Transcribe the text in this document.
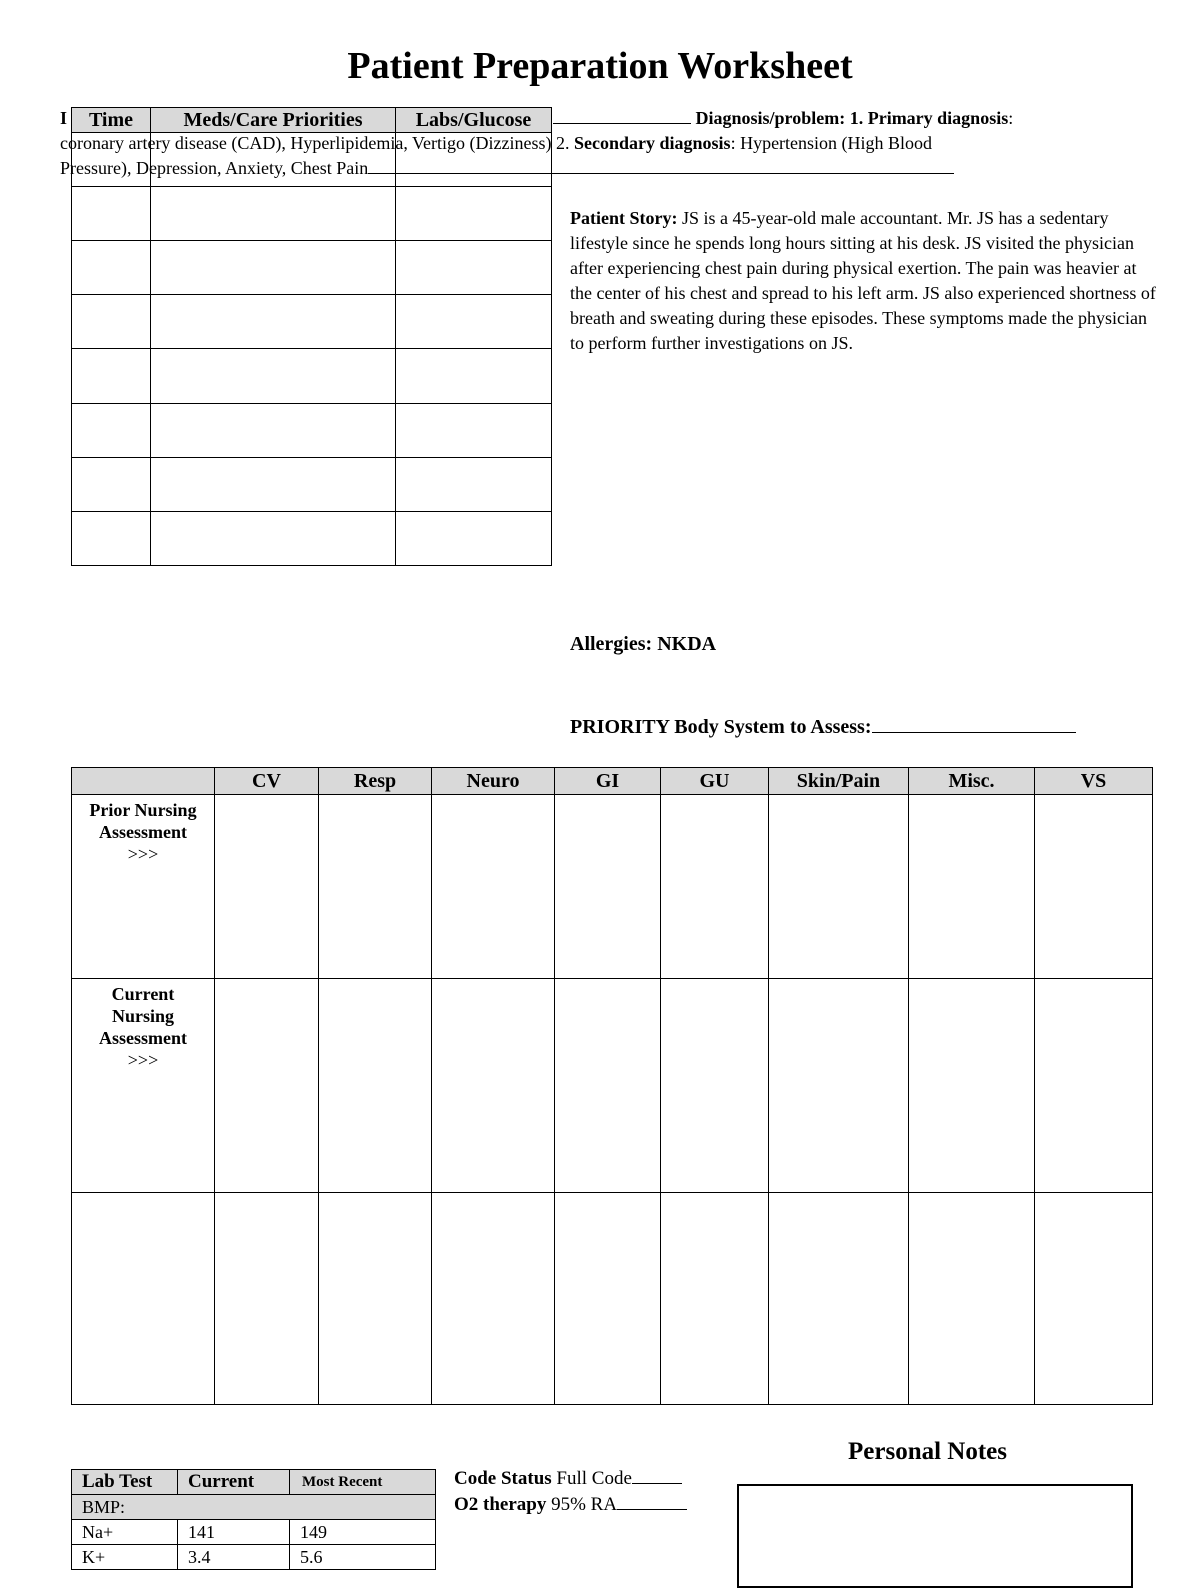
Patient Preparation Worksheet
Time	Meds/Care Priorities	Labs/Glucose

I	Diagnosis/problem: 1. Primary diagnosis:
coronary artery disease (CAD), Hyperlipidemia, Vertigo (Dizziness) 2. Secondary diagnosis: Hypertension (High Blood
Pressure), Depression, Anxiety, Chest Pain
Patient Story: JS is a 45-year-old male accountant. Mr. JS has a sedentary lifestyle since he spends long hours sitting at his desk. JS visited the physician after experiencing chest pain during physical exertion. The pain was heavier at the center of his chest and spread to his left arm. JS also experienced shortness of breath and sweating during these episodes. These symptoms made the physician to perform further investigations on JS.
Allergies: NKDA
PRIORITY Body System to Assess:
	CV	Resp	Neuro	GI	GU	Skin/Pain	Misc.	VS

Prior Nursing Assessment
>>>								

Current Nursing Assessment
>>>								

Lab Test	Current	Most Recent
BMP:		
Na+	141	149
K+	3.4	5.6
Code Status Full Code
O2 therapy 95% RA
Personal Notes
